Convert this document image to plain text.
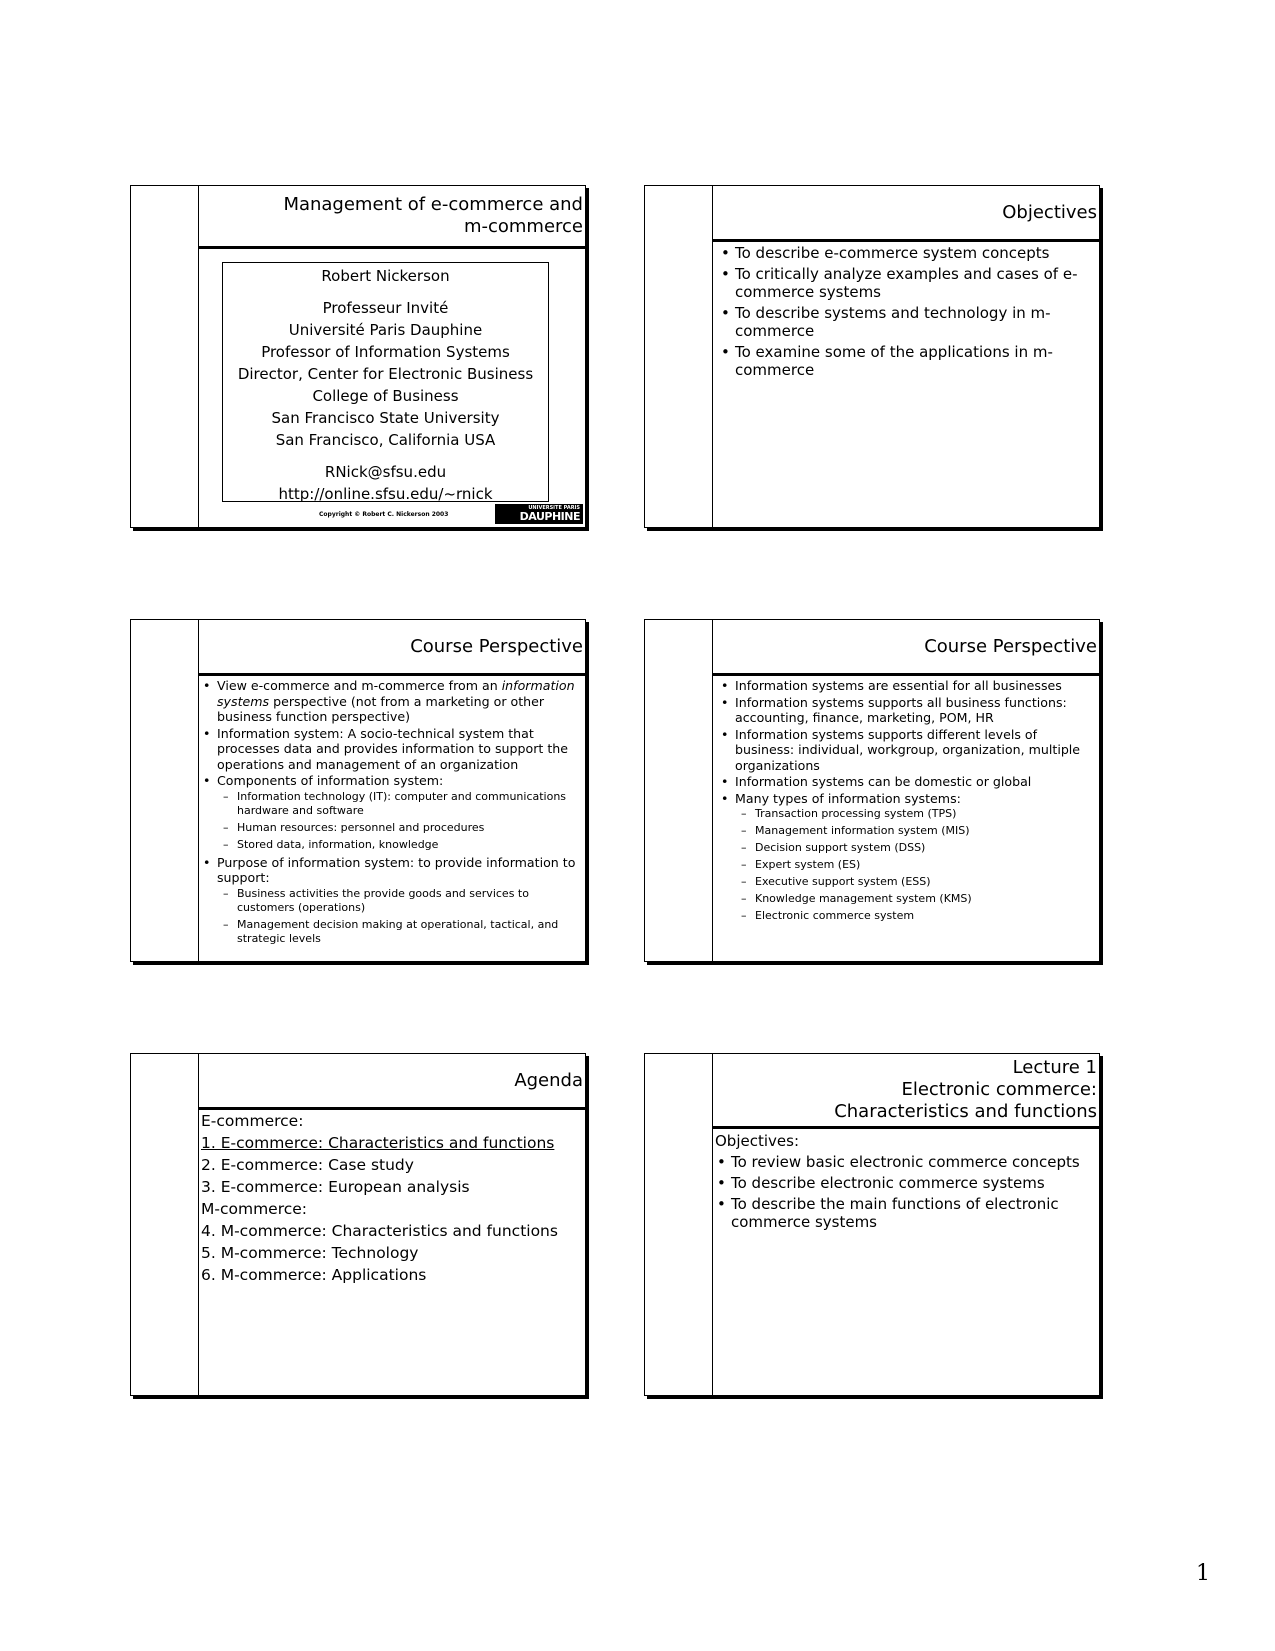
Management of e-commerce and
m-commerce
Robert Nickerson
Professeur Invité
Université Paris Dauphine
Professor of Information Systems
Director, Center for Electronic Business
College of Business
San Francisco State University
San Francisco, California USA
RNick@sfsu.edu
http://online.sfsu.edu/~rnick
Copyright © Robert C. Nickerson 2003
UNIVERSITE PARIS
DAUPHINE
Objectives
• To describe e-commerce system concepts
• To critically analyze examples and cases of e-commerce systems
• To describe systems and technology in m-commerce
• To examine some of the applications in m-commerce
Course Perspective
• View e-commerce and m-commerce from an information systems perspective (not from a marketing or other business function perspective)
• Information system: A socio-technical system that processes data and provides information to support the operations and management of an organization
• Components of information system:
– Information technology (IT): computer and communications hardware and software
– Human resources: personnel and procedures
– Stored data, information, knowledge
• Purpose of information system: to provide information to support:
– Business activities the provide goods and services to customers (operations)
– Management decision making at operational, tactical, and strategic levels
Course Perspective
• Information systems are essential for all businesses
• Information systems supports all business functions: accounting, finance, marketing, POM, HR
• Information systems supports different levels of business: individual, workgroup, organization, multiple organizations
• Information systems can be domestic or global
• Many types of information systems:
– Transaction processing system (TPS)
– Management information system (MIS)
– Decision support system (DSS)
– Expert system (ES)
– Executive support system (ESS)
– Knowledge management system (KMS)
– Electronic commerce system
Agenda
E-commerce:
1. E-commerce: Characteristics and functions
2. E-commerce: Case study
3. E-commerce: European analysis
M-commerce:
4. M-commerce: Characteristics and functions
5. M-commerce: Technology
6. M-commerce: Applications
Lecture 1
Electronic commerce:
Characteristics and functions
Objectives:
• To review basic electronic commerce concepts
• To describe electronic commerce systems
• To describe the main functions of electronic commerce systems
1
